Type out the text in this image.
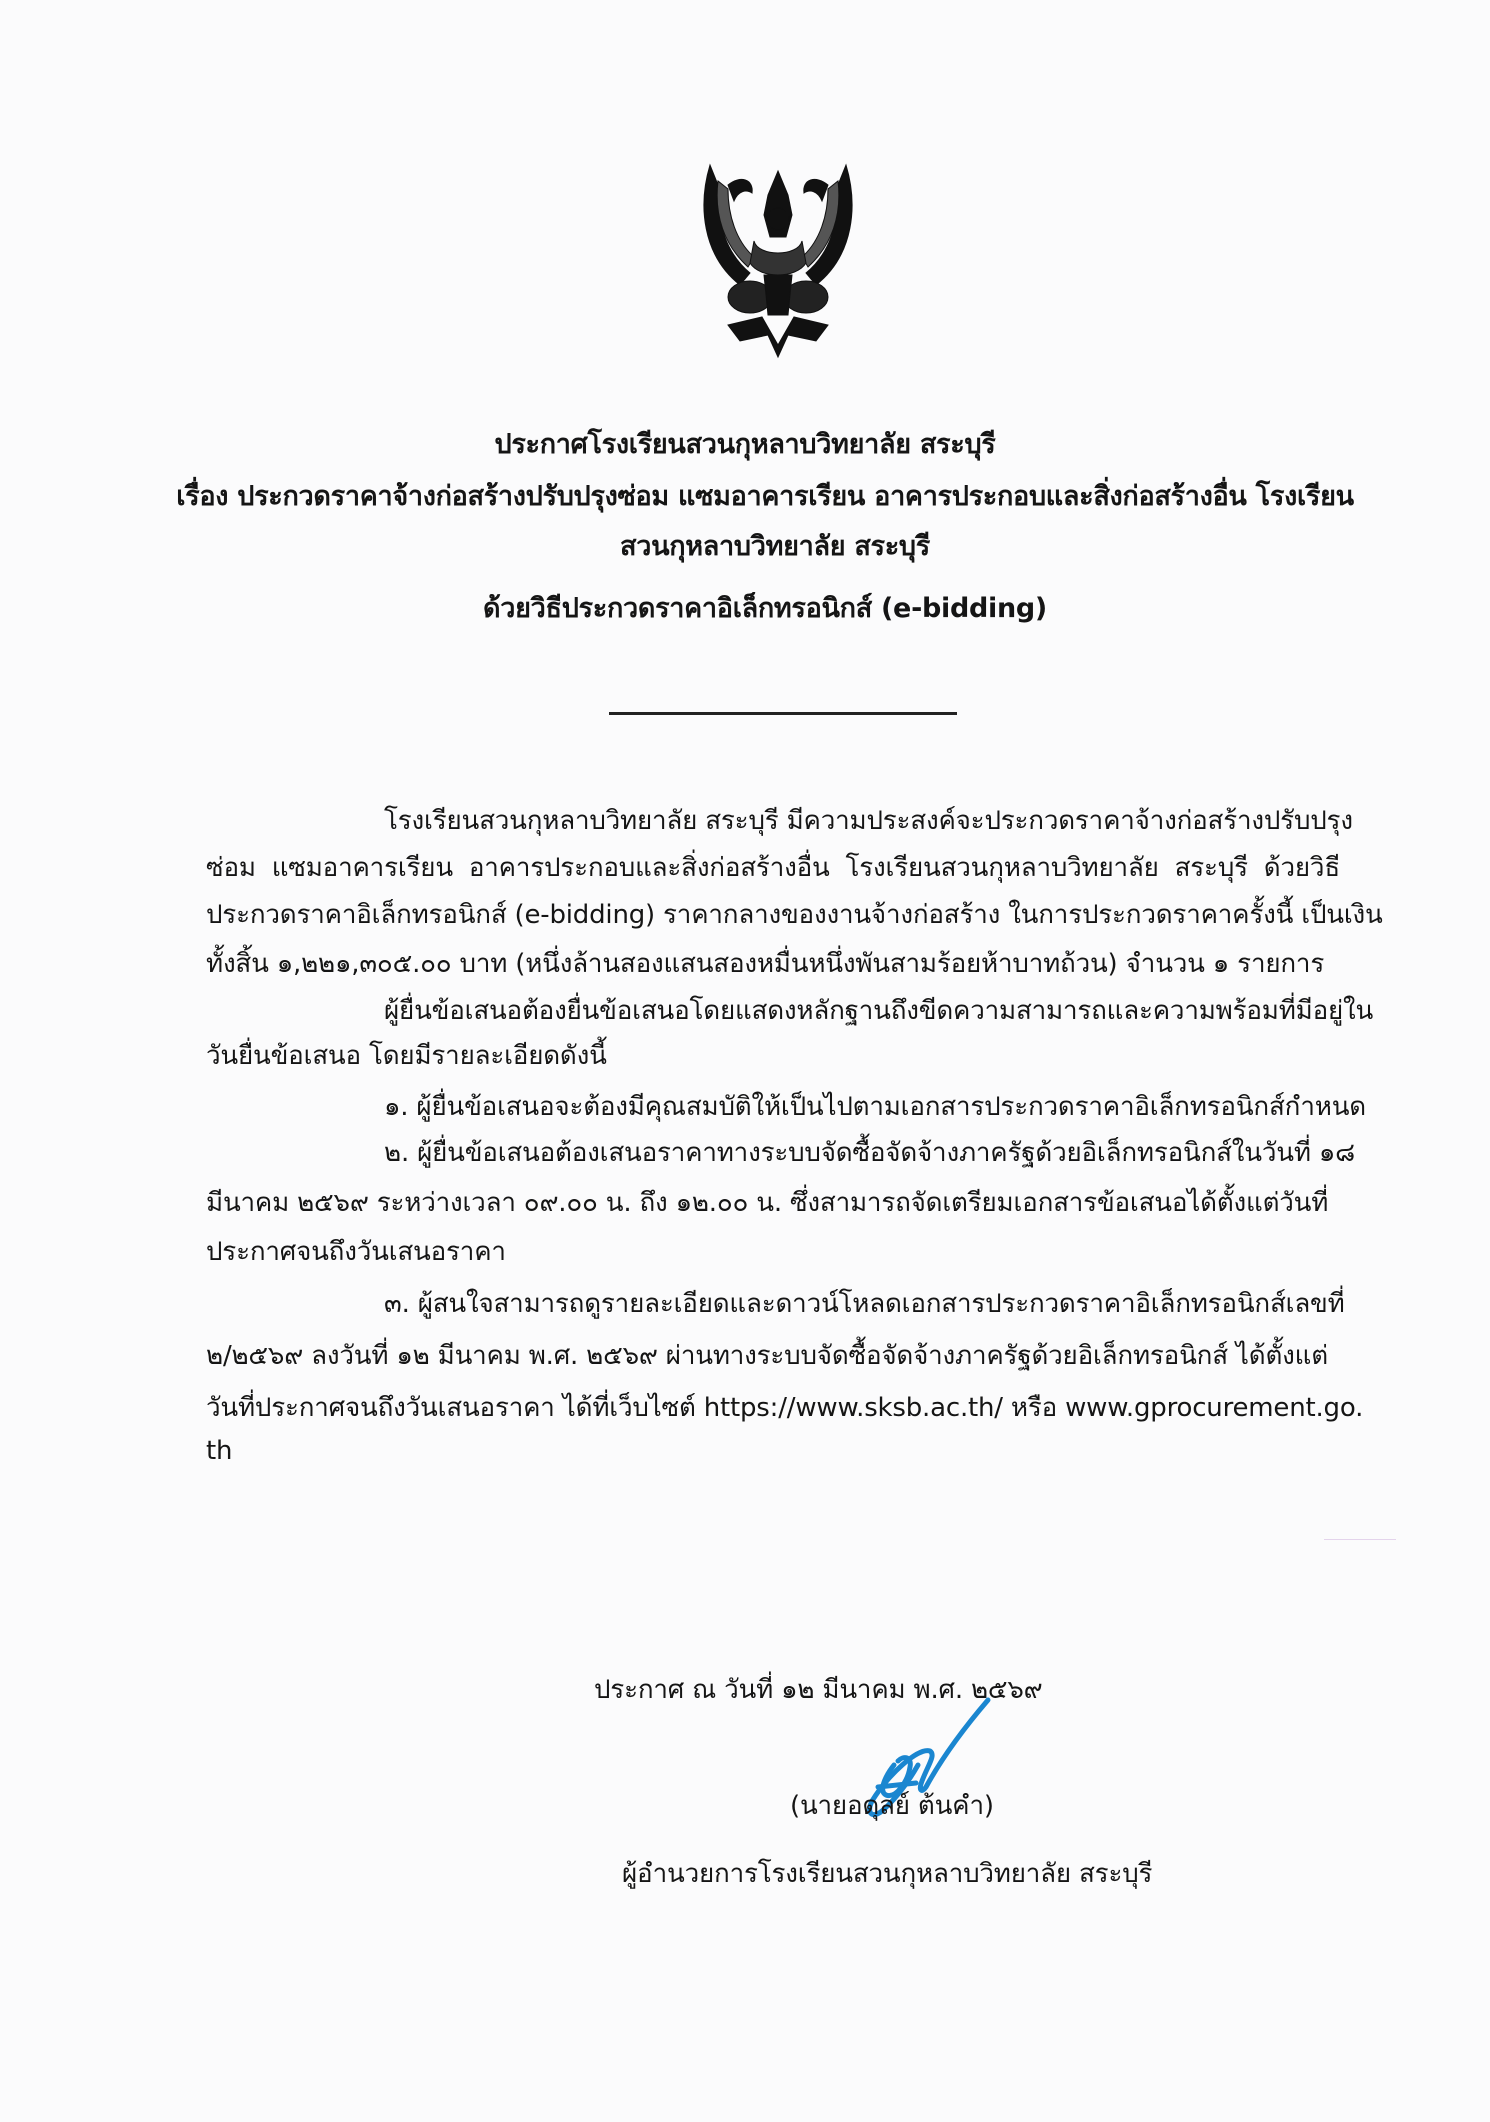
ประกาศโรงเรียนสวนกุหลาบวิทยาลัย สระบุรี
เรื่อง ประกวดราคาจ้างก่อสร้างปรับปรุงซ่อม แซมอาคารเรียน อาคารประกอบและสิ่งก่อสร้างอื่น โรงเรียน
สวนกุหลาบวิทยาลัย สระบุรี
ด้วยวิธีประกวดราคาอิเล็กทรอนิกส์ (e-bidding)
โรงเรียนสวนกุหลาบวิทยาลัย สระบุรี มีความประสงค์จะประกวดราคาจ้างก่อสร้างปรับปรุง
ซ่อม แซมอาคารเรียน อาคารประกอบและสิ่งก่อสร้างอื่น โรงเรียนสวนกุหลาบวิทยาลัย สระบุรี ด้วยวิธี
ประกวดราคาอิเล็กทรอนิกส์ (e-bidding) ราคากลางของงานจ้างก่อสร้าง ในการประกวดราคาครั้งนี้ เป็นเงิน
ทั้งสิ้น ๑,๒๒๑,๓๐๕.๐๐ บาท (หนึ่งล้านสองแสนสองหมื่นหนึ่งพันสามร้อยห้าบาทถ้วน) จำนวน ๑ รายการ
ผู้ยื่นข้อเสนอต้องยื่นข้อเสนอโดยแสดงหลักฐานถึงขีดความสามารถและความพร้อมที่มีอยู่ใน
วันยื่นข้อเสนอ โดยมีรายละเอียดดังนี้
๑. ผู้ยื่นข้อเสนอจะต้องมีคุณสมบัติให้เป็นไปตามเอกสารประกวดราคาอิเล็กทรอนิกส์กำหนด
๒. ผู้ยื่นข้อเสนอต้องเสนอราคาทางระบบจัดซื้อจัดจ้างภาครัฐด้วยอิเล็กทรอนิกส์ในวันที่ ๑๘
มีนาคม ๒๕๖๙ ระหว่างเวลา ๐๙.๐๐ น. ถึง ๑๒.๐๐ น. ซึ่งสามารถจัดเตรียมเอกสารข้อเสนอได้ตั้งแต่วันที่
ประกาศจนถึงวันเสนอราคา
๓. ผู้สนใจสามารถดูรายละเอียดและดาวน์โหลดเอกสารประกวดราคาอิเล็กทรอนิกส์เลขที่
๒/๒๕๖๙ ลงวันที่ ๑๒ มีนาคม พ.ศ. ๒๕๖๙ ผ่านทางระบบจัดซื้อจัดจ้างภาครัฐด้วยอิเล็กทรอนิกส์ ได้ตั้งแต่
วันที่ประกาศจนถึงวันเสนอราคา ได้ที่เว็บไซต์ https://www.sksb.ac.th/ หรือ www.gprocurement.go.
th
ประกาศ ณ วันที่ ๑๒ มีนาคม พ.ศ. ๒๕๖๙
(นายอดุลย์ ต้นคำ)
ผู้อำนวยการโรงเรียนสวนกุหลาบวิทยาลัย สระบุรี
